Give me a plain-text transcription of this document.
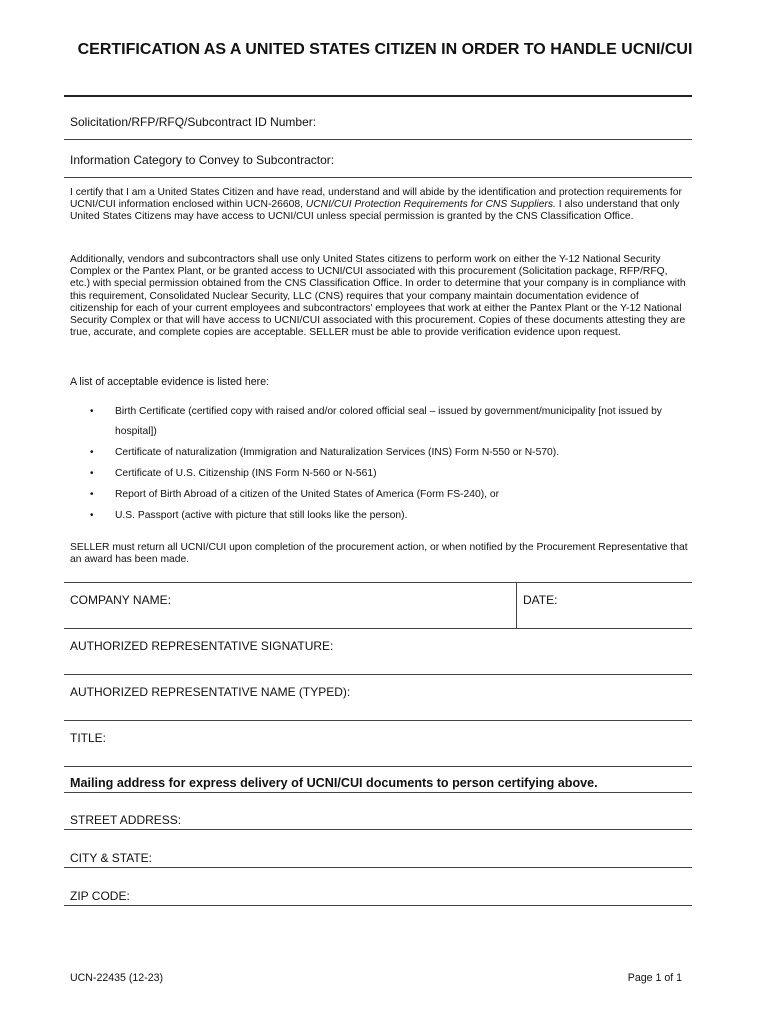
CERTIFICATION AS A UNITED STATES CITIZEN IN ORDER TO HANDLE UCNI/CUI
Solicitation/RFP/RFQ/Subcontract ID Number:
Information Category to Convey to Subcontractor:
I certify that I am a United States Citizen and have read, understand and will abide by the identification and protection requirements for UCNI/CUI information enclosed within UCN-26608, UCNI/CUI Protection Requirements for CNS Suppliers. I also understand that only United States Citizens may have access to UCNI/CUI unless special permission is granted by the CNS Classification Office.
Additionally, vendors and subcontractors shall use only United States citizens to perform work on either the Y-12 National Security Complex or the Pantex Plant, or be granted access to UCNI/CUI associated with this procurement (Solicitation package, RFP/RFQ, etc.) with special permission obtained from the CNS Classification Office. In order to determine that your company is in compliance with this requirement, Consolidated Nuclear Security, LLC (CNS) requires that your company maintain documentation evidence of citizenship for each of your current employees and subcontractors' employees that work at either the Pantex Plant or the Y-12 National Security Complex or that will have access to UCNI/CUI associated with this procurement. Copies of these documents attesting they are true, accurate, and complete copies are acceptable. SELLER must be able to provide verification evidence upon request.
A list of acceptable evidence is listed here:
• Birth Certificate (certified copy with raised and/or colored official seal – issued by government/municipality [not issued by hospital])
• Certificate of naturalization (Immigration and Naturalization Services (INS) Form N-550 or N-570).
• Certificate of U.S. Citizenship (INS Form N-560 or N-561)
• Report of Birth Abroad of a citizen of the United States of America (Form FS-240), or
• U.S. Passport (active with picture that still looks like the person).
SELLER must return all UCNI/CUI upon completion of the procurement action, or when notified by the Procurement Representative that an award has been made.
COMPANY NAME:	DATE:
AUTHORIZED REPRESENTATIVE SIGNATURE:
AUTHORIZED REPRESENTATIVE NAME (TYPED):
TITLE:
Mailing address for express delivery of UCNI/CUI documents to person certifying above.
STREET ADDRESS:
CITY & STATE:
ZIP CODE:
UCN-22435 (12-23)	Page 1 of 1
